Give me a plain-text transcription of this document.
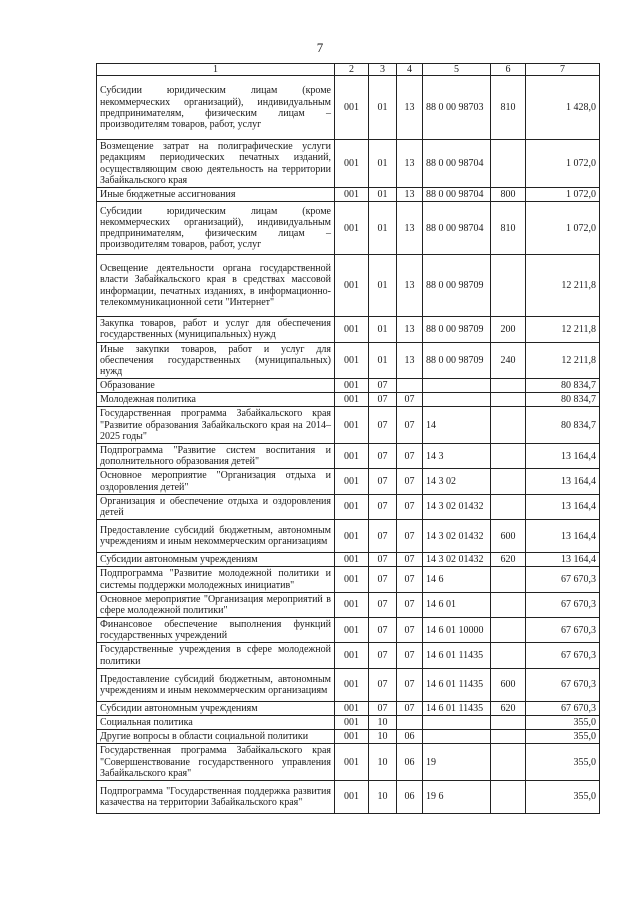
7
1	2	3	4	5	6	7
Субсидии юридическим лицам (кроме некоммерческих организаций), индивидуальным предпринимателям, физическим лицам – производителям товаров, работ, услуг	001	01	13	88 0 00 98703	810	1 428,0
Возмещение затрат на полиграфические услуги редакциям периодических печатных изданий, осуществляющим свою деятельность на территории Забайкальского края	001	01	13	88 0 00 98704		1 072,0
Иные бюджетные ассигнования	001	01	13	88 0 00 98704	800	1 072,0
Субсидии юридическим лицам (кроме некоммерческих организаций), индивидуальным предпринимателям, физическим лицам – производителям товаров, работ, услуг	001	01	13	88 0 00 98704	810	1 072,0
Освещение деятельности органа государственной власти Забайкальского края в средствах массовой информации, печатных изданиях, в информационно-телекоммуникационной сети "Интернет"	001	01	13	88 0 00 98709		12 211,8
Закупка товаров, работ и услуг для обеспечения государственных (муниципальных) нужд	001	01	13	88 0 00 98709	200	12 211,8
Иные закупки товаров, работ и услуг для обеспечения государственных (муниципальных) нужд	001	01	13	88 0 00 98709	240	12 211,8
Образование	001	07				80 834,7
Молодежная политика	001	07	07			80 834,7
Государственная программа Забайкальского края "Развитие образования Забайкальского края на 2014–2025 годы"	001	07	07	14		80 834,7
Подпрограмма "Развитие систем воспитания и дополнительного образования детей"	001	07	07	14 3		13 164,4
Основное мероприятие "Организация отдыха и оздоровления детей"	001	07	07	14 3 02		13 164,4
Организация и обеспечение отдыха и оздоровления детей	001	07	07	14 3 02 01432		13 164,4
Предоставление субсидий бюджетным, автономным учреждениям и иным некоммерческим организациям	001	07	07	14 3 02 01432	600	13 164,4
Субсидии автономным учреждениям	001	07	07	14 3 02 01432	620	13 164,4
Подпрограмма "Развитие молодежной политики и системы поддержки молодежных инициатив"	001	07	07	14 6		67 670,3
Основное мероприятие "Организация мероприятий в сфере молодежной политики"	001	07	07	14 6 01		67 670,3
Финансовое обеспечение выполнения функций государственных учреждений	001	07	07	14 6 01 10000		67 670,3
Государственные учреждения в сфере молодежной политики	001	07	07	14 6 01 11435		67 670,3
Предоставление субсидий бюджетным, автономным учреждениям и иным некоммерческим организациям	001	07	07	14 6 01 11435	600	67 670,3
Субсидии автономным учреждениям	001	07	07	14 6 01 11435	620	67 670,3
Социальная политика	001	10				355,0
Другие вопросы в области социальной политики	001	10	06			355,0
Государственная программа Забайкальского края "Совершенствование государственного управления Забайкальского края"	001	10	06	19		355,0
Подпрограмма "Государственная поддержка развития казачества на территории Забайкальского края"	001	10	06	19 6		355,0
